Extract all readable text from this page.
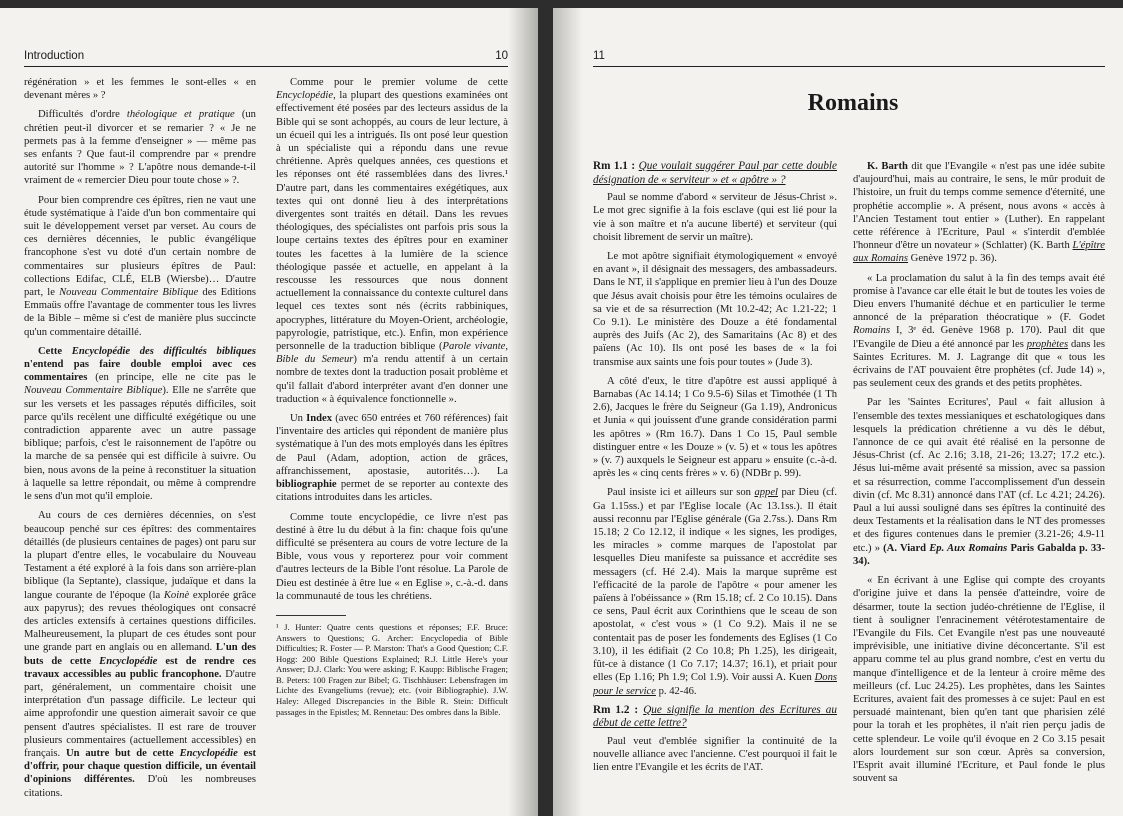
Introduction	10

régénération » et les femmes le sont-elles « en devenant mères » ?

Difficultés d'ordre théologique et pratique (un chrétien peut-il divorcer et se remarier ? « Je ne permets pas à la femme d'enseigner » — même pas ses enfants ? Que faut-il comprendre par « prendre autorité sur l'homme » ? L'apôtre nous demande-t-il vraiment de « remercier Dieu pour toute chose » ?.

Pour bien comprendre ces épîtres, rien ne vaut une étude systématique à l'aide d'un bon commentaire qui suit le développement verset par verset. Au cours de ces dernières décennies, le public évangélique francophone s'est vu doté d'un certain nombre de commentaires sur plusieurs épîtres de Paul: collections Edifac, CLÉ, ELB (Wiersbe)… D'autre part, le Nouveau Commentaire Biblique des Editions Emmaüs offre l'avantage de commenter tous les livres de la Bible – même si c'est de manière plus succincte qu'un commentaire détaillé.

Cette Encyclopédie des difficultés bibliques n'entend pas faire double emploi avec ces commentaires (en principe, elle ne cite pas le Nouveau Commentaire Biblique). Elle ne s'arrête que sur les versets et les passages réputés difficiles, soit parce qu'ils recèlent une difficulté exégétique ou une contradiction apparente avec un autre passage biblique; parfois, c'est le raisonnement de l'apôtre ou la marche de sa pensée qui est difficile à suivre. Ou bien, nous avons de la peine à reconstituer la situation à laquelle sa lettre répondait, ou même à comprendre le sens d'un mot qu'il emploie.

Au cours de ces dernières décennies, on s'est beaucoup penché sur ces épîtres: des commentaires détaillés (de plusieurs centaines de pages) ont paru sur la plupart d'entre elles, le vocabulaire du Nouveau Testament a été exploré à la fois dans son arrière-plan biblique (la Septante), classique, judaïque et dans la langue courante de l'époque (la Koinè explorée grâce aux papyrus); des revues théologiques ont consacré des articles extensifs à certaines questions difficiles. Malheureusement, la plupart de ces études sont pour une grande part en anglais ou en allemand. L'un des buts de cette Encyclopédie est de rendre ces travaux accessibles au public francophone. D'autre part, généralement, un commentaire choisit une interprétation d'un passage difficile. Le lecteur qui aime approfondir une question aimerait savoir ce que pensent d'autres spécialistes. Il est rare de trouver plusieurs commentaires (actuellement accessibles) en français. Un autre but de cette Encyclopédie est d'offrir, pour chaque question difficile, un éventail d'opinions différentes. D'où les nombreuses citations.

Comme pour le premier volume de cette Encyclopédie, la plupart des questions examinées ont effectivement été posées par des lecteurs assidus de la Bible qui se sont achoppés, au cours de leur lecture, à un écueil qui les a intrigués. Ils ont posé leur question à un spécialiste qui a répondu dans une revue chrétienne. Après quelques années, ces questions et les réponses ont été rassemblées dans des livres.¹ D'autre part, dans les commentaires exégétiques, aux textes qui ont donné lieu à des interprétations divergentes sont traités en détail. Dans les revues théologiques, des spécialistes ont parfois pris sous la loupe certains textes des épîtres pour en examiner toutes les facettes à la lumière de la science théologique passée et actuelle, en appelant à la rescousse les ressources que nous donnent actuellement la connaissance du contexte culturel dans lequel ces textes sont nés (écrits rabbiniques, apocryphes, littérature du Moyen-Orient, archéologie, papyrologie, patristique, etc.). Enfin, mon expérience personnelle de la traduction biblique (Parole vivante, Bible du Semeur) m'a rendu attentif à un certain nombre de textes dont la traduction posait problème et qu'il fallait d'abord interpréter avant d'en donner une traduction « à équivalence fonctionnelle ».

Un Index (avec 650 entrées et 760 références) fait l'inventaire des articles qui répondent de manière plus systématique à l'un des mots employés dans les épîtres de Paul (Adam, adoption, action de grâces, affranchissement, apostasie, autorités…). La bibliographie permet de se reporter au contexte des citations introduites dans les articles.

Comme toute encyclopédie, ce livre n'est pas destiné à être lu du début à la fin: chaque fois qu'une difficulté se présentera au cours de votre lecture de la Bible, vous vous y reporterez pour voir comment d'autres lecteurs de la Bible l'ont résolue. La Parole de Dieu est destinée à être lue « en Eglise », c.-à.-d. dans la communauté de tous les chrétiens.

¹ J. Hunter: Quatre cents questions et réponses; F.F. Bruce: Answers to Questions; G. Archer: Encyclopedia of Bible Difficulties; R. Foster — P. Marston: That's a Good Question; C.F. Hogg: 200 Bible Questions Explained; R.J. Little Here's your Answer; D.J. Clark: You were asking; F. Kaupp: Biblische Fragen; B. Peters: 100 Fragen zur Bibel; G. Tischhäuser: Lebensfragen im Lichte des Evangeliums (revue); etc. (voir Bibliographie). J.W. Haley: Alleged Discrepancies in the Bible R. Stein: Difficult passages in the Epistles; M. Rennetau: Des ombres dans la Bible.

11
Romains
Rm 1.1 : Que voulait suggérer Paul par cette double désignation de « serviteur » et « apôtre » ?

Paul se nomme d'abord « serviteur de Jésus-Christ ». Le mot grec signifie à la fois esclave (qui est lié pour la vie à son maître et n'a aucune liberté) et serviteur (qui choisit librement de servir un maître).

Le mot apôtre signifiait étymologiquement « envoyé en avant », il désignait des messagers, des ambassadeurs. Dans le NT, il s'applique en premier lieu à l'un des Douze que Jésus avait choisis pour être les témoins oculaires de sa vie et de sa résurrection (Mt 10.2-42; Ac 1.21-22; 1 Co 9.1). Le ministère des Douze a été fondamental auprès des Juifs (Ac 2), des Samaritains (Ac 8) et des païens (Ac 10). Ils ont posé les bases de « la foi transmise aux saints une fois pour toutes » (Jude 3).

A côté d'eux, le titre d'apôtre est aussi appliqué à Barnabas (Ac 14.14; 1 Co 9.5-6) Silas et Timothée (1 Th 2.6), Jacques le frère du Seigneur (Ga 1.19), Andronicus et Junia « qui jouissent d'une grande considération parmi les apôtres » (Rm 16.7). Dans 1 Co 15, Paul semble distinguer entre « les Douze » (v. 5) et « tous les apôtres » (v. 7) auxquels le Seigneur est apparu » ensuite (c.-à-d. après les « cinq cents frères » v. 6) (NDBr p. 99).

Paul insiste ici et ailleurs sur son appel par Dieu (cf. Ga 1.15ss.) et par l'Eglise locale (Ac 13.1ss.). Il était aussi reconnu par l'Eglise générale (Ga 2.7ss.). Dans Rm 15.18; 2 Co 12.12, il indique « les signes, les prodiges, les miracles » comme marques de l'apostolat par lesquelles Dieu manifeste sa puissance et accrédite ses messagers (cf. Hé 2.4). Mais la marque suprême est l'efficacité de la parole de l'apôtre « pour amener les païens à l'obéissance » (Rm 15.18; cf. 2 Co 10.15). Dans ce sens, Paul écrit aux Corinthiens que le sceau de son apostolat, « c'est vous » (1 Co 9.2). Mais il ne se contentait pas de poser les fondements des Eglises (1 Co 3.10), il les édifiait (2 Co 10.8; Ph 1.25), les dirigeait, fût-ce à distance (1 Co 7.17; 14.37; 16.1), et priait pour elles (Ep 1.16; Ph 1.9; Col 1.9). Voir aussi A. Kuen Dons pour le service p. 42-46.

Rm 1.2 : Que signifie la mention des Ecritures au début de cette lettre?

Paul veut d'emblée signifier la continuité de la nouvelle alliance avec l'ancienne. C'est pourquoi il fait le lien entre l'Evangile et les écrits de l'AT.

K. Barth dit que l'Evangile « n'est pas une idée subite d'aujourd'hui, mais au contraire, le sens, le mûr produit de l'histoire, un fruit du temps comme semence d'éternité, une prophétie accomplie ». A présent, nous avons « accès à l'Ancien Testament tout entier » (Luther). En rappelant cette référence à l'Ecriture, Paul « s'interdit d'emblée l'honneur d'être un novateur » (Schlatter) (K. Barth L'épître aux Romains Genève 1972 p. 36).

« La proclamation du salut à la fin des temps avait été promise à l'avance car elle était le but de toutes les voies de Dieu envers l'humanité déchue et en particulier le terme annoncé de la préparation théocratique » (F. Godet Romains I, 3ᵉ éd. Genève 1968 p. 170). Paul dit que l'Evangile de Dieu a été annoncé par les prophètes dans les Saintes Ecritures. M. J. Lagrange dit que « tous les écrivains de l'AT pouvaient être prophètes (cf. Jude 14) », pas seulement ceux des grands et des petits prophètes.

Par les 'Saintes Ecritures', Paul « fait allusion à l'ensemble des textes messianiques et eschatologiques dans lesquels la prédication chrétienne a vu dès le début, l'annonce de ce qui avait été réalisé en la personne de Jésus-Christ (cf. Ac 2.16; 3.18, 21-26; 13.27; 17.2 etc.). Jésus lui-même avait présenté sa mission, avec sa passion et sa résurrection, comme l'accomplissement d'un dessein divin (cf. Mc 8.31) annoncé dans l'AT (cf. Lc 4.21; 24.26). Paul a lui aussi souligné dans ses épîtres la continuité des deux Testaments et la réalisation dans le NT des promesses et des figures contenues dans le premier (3.21-26; 4.9-11 etc.) » (A. Viard Ep. Aux Romains Paris Gabalda p. 33-34).

« En écrivant à une Eglise qui compte des croyants d'origine juive et dans la pensée d'atteindre, voire de désarmer, toute la section judéo-chrétienne de l'Eglise, il tient à souligner l'enracinement vétérotestamentaire de l'Evangile du Fils. Cet Evangile n'est pas une nouveauté imprévisible, une initiative divine déconcertante. S'il est apparu comme tel au plus grand nombre, c'est en vertu du manque d'intelligence et de la lenteur à croire même des meilleurs (cf. Luc 24.25). Les prophètes, dans les Saintes Ecritures, avaient fait des promesses à ce sujet: Paul en est persuadé maintenant, bien qu'en tant que pharisien zélé pour la torah et les prophètes, il n'ait rien perçu jadis de cette splendeur. Le voile qu'il évoque en 2 Co 3.15 pesait alors lourdement sur son cœur. Après sa conversion, l'Esprit avait illuminé l'Ecriture, et Paul fonde le plus souvent sa
